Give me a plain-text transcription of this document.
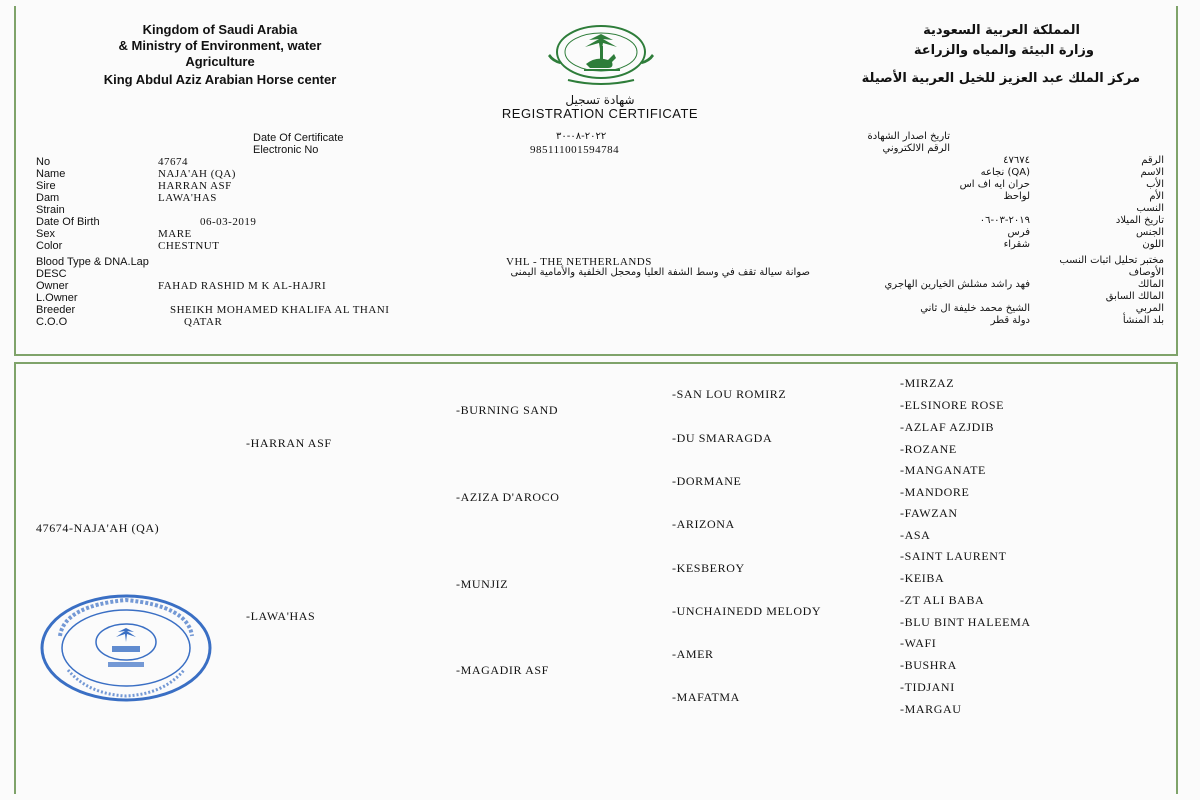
Kingdom of Saudi Arabia
& Ministry of Environment, water
Agriculture
King Abdul Aziz Arabian Horse center
المملكة العربية السعودية
وزارة البيئة والمياه والزراعة
مركز الملك عبد العزيز للخيل العربية الأصيلة
شهادة تسجيل
REGISTRATION CERTIFICATE
Date Of Certificate	٢٠٢٢-٠٨-٣٠	تاريخ اصدار الشهادة
Electronic No	985111001594784	الرقم الالكتروني
No	47674	٤٧٦٧٤	الرقم
Name	NAJA'AH (QA)	(QA) نجاعه	الاسم
Sire	HARRAN ASF	حران ايه اف اس	الأب
Dam	LAWA'HAS	لواحظ	الأم
Strain	النسب
Date Of Birth	06-03-2019	٢٠١٩-٠٣-٠٦	تاريخ الميلاد
Sex	MARE	فرس	الجنس
Color	CHESTNUT	شقراء	اللون
Blood Type & DNA.Lap	VHL - THE NETHERLANDS	مختبر تحليل اثبات النسب
DESC	صوانة سيالة تقف في وسط الشفة العليا ومحجل الخلفية والأمامية اليمنى	الأوصاف
Owner	FAHAD RASHID M K AL-HAJRI	فهد راشد مشلش الخيارين الهاجري	المالك
L.Owner	المالك السابق
Breeder	SHEIKH MOHAMED KHALIFA AL THANI	الشيخ محمد خليفة ال ثاني	المربي
C.O.O	QATAR	دولة قطر	بلد المنشأ
47674-NAJA'AH (QA)
-HARRAN ASF
-LAWA'HAS
-BURNING SAND
-AZIZA D'AROCO
-MUNJIZ
-MAGADIR ASF
-SAN LOU ROMIRZ
-DU SMARAGDA
-DORMANE
-ARIZONA
-KESBEROY
-UNCHAINEDD MELODY
-AMER
-MAFATMA
-MIRZAZ
-ELSINORE ROSE
-AZLAF AZJDIB
-ROZANE
-MANGANATE
-MANDORE
-FAWZAN
-ASA
-SAINT LAURENT
-KEIBA
-ZT ALI BABA
-BLU BINT HALEEMA
-WAFI
-BUSHRA
-TIDJANI
-MARGAU
